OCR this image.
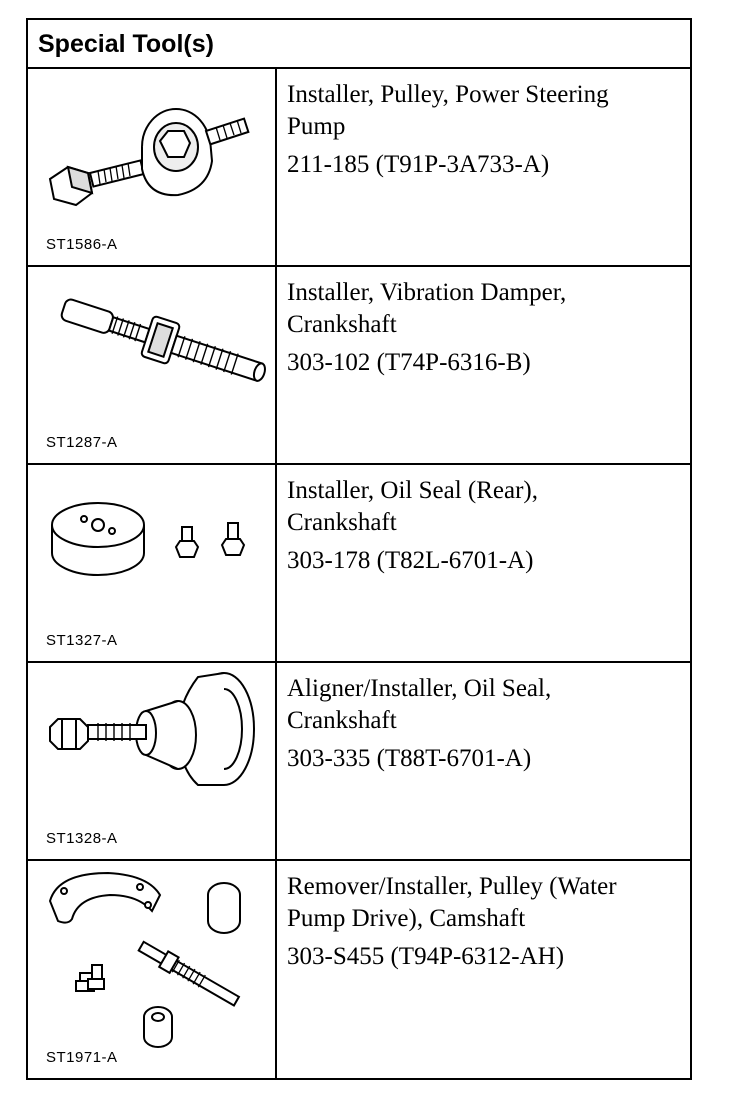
Special Tool(s)
ST1586-A
Installer, Pulley, Power Steering
Pump
211-185 (T91P-3A733-A)
ST1287-A
Installer, Vibration Damper,
Crankshaft
303-102 (T74P-6316-B)
ST1327-A
Installer, Oil Seal (Rear),
Crankshaft
303-178 (T82L-6701-A)
ST1328-A
Aligner/Installer, Oil Seal,
Crankshaft
303-335 (T88T-6701-A)
ST1971-A
Remover/Installer, Pulley (Water
Pump Drive), Camshaft
303-S455 (T94P-6312-AH)
